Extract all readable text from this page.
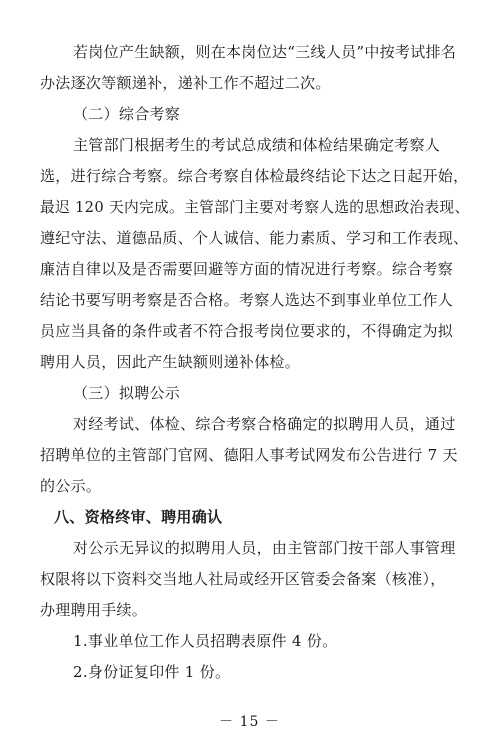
若岗位产生缺额，则在本岗位达“三线人员”中按考试排名
办法逐次等额递补，递补工作不超过二次。
（二）综合考察
主管部门根据考生的考试总成绩和体检结果确定考察人
选，进行综合考察。综合考察自体检最终结论下达之日起开始，
最迟 120 天内完成。主管部门主要对考察人选的思想政治表现、
遵纪守法、道德品质、个人诚信、能力素质、学习和工作表现、
廉洁自律以及是否需要回避等方面的情况进行考察。综合考察
结论书要写明考察是否合格。考察人选达不到事业单位工作人
员应当具备的条件或者不符合报考岗位要求的，不得确定为拟
聘用人员，因此产生缺额则递补体检。
（三）拟聘公示
对经考试、体检、综合考察合格确定的拟聘用人员，通过
招聘单位的主管部门官网、德阳人事考试网发布公告进行 7 天
的公示。
八、资格终审、聘用确认
对公示无异议的拟聘用人员，由主管部门按干部人事管理
权限将以下资料交当地人社局或经开区管委会备案（核准），
办理聘用手续。
1.事业单位工作人员招聘表原件 4 份。
2.身份证复印件 1 份。
－ 15 －
